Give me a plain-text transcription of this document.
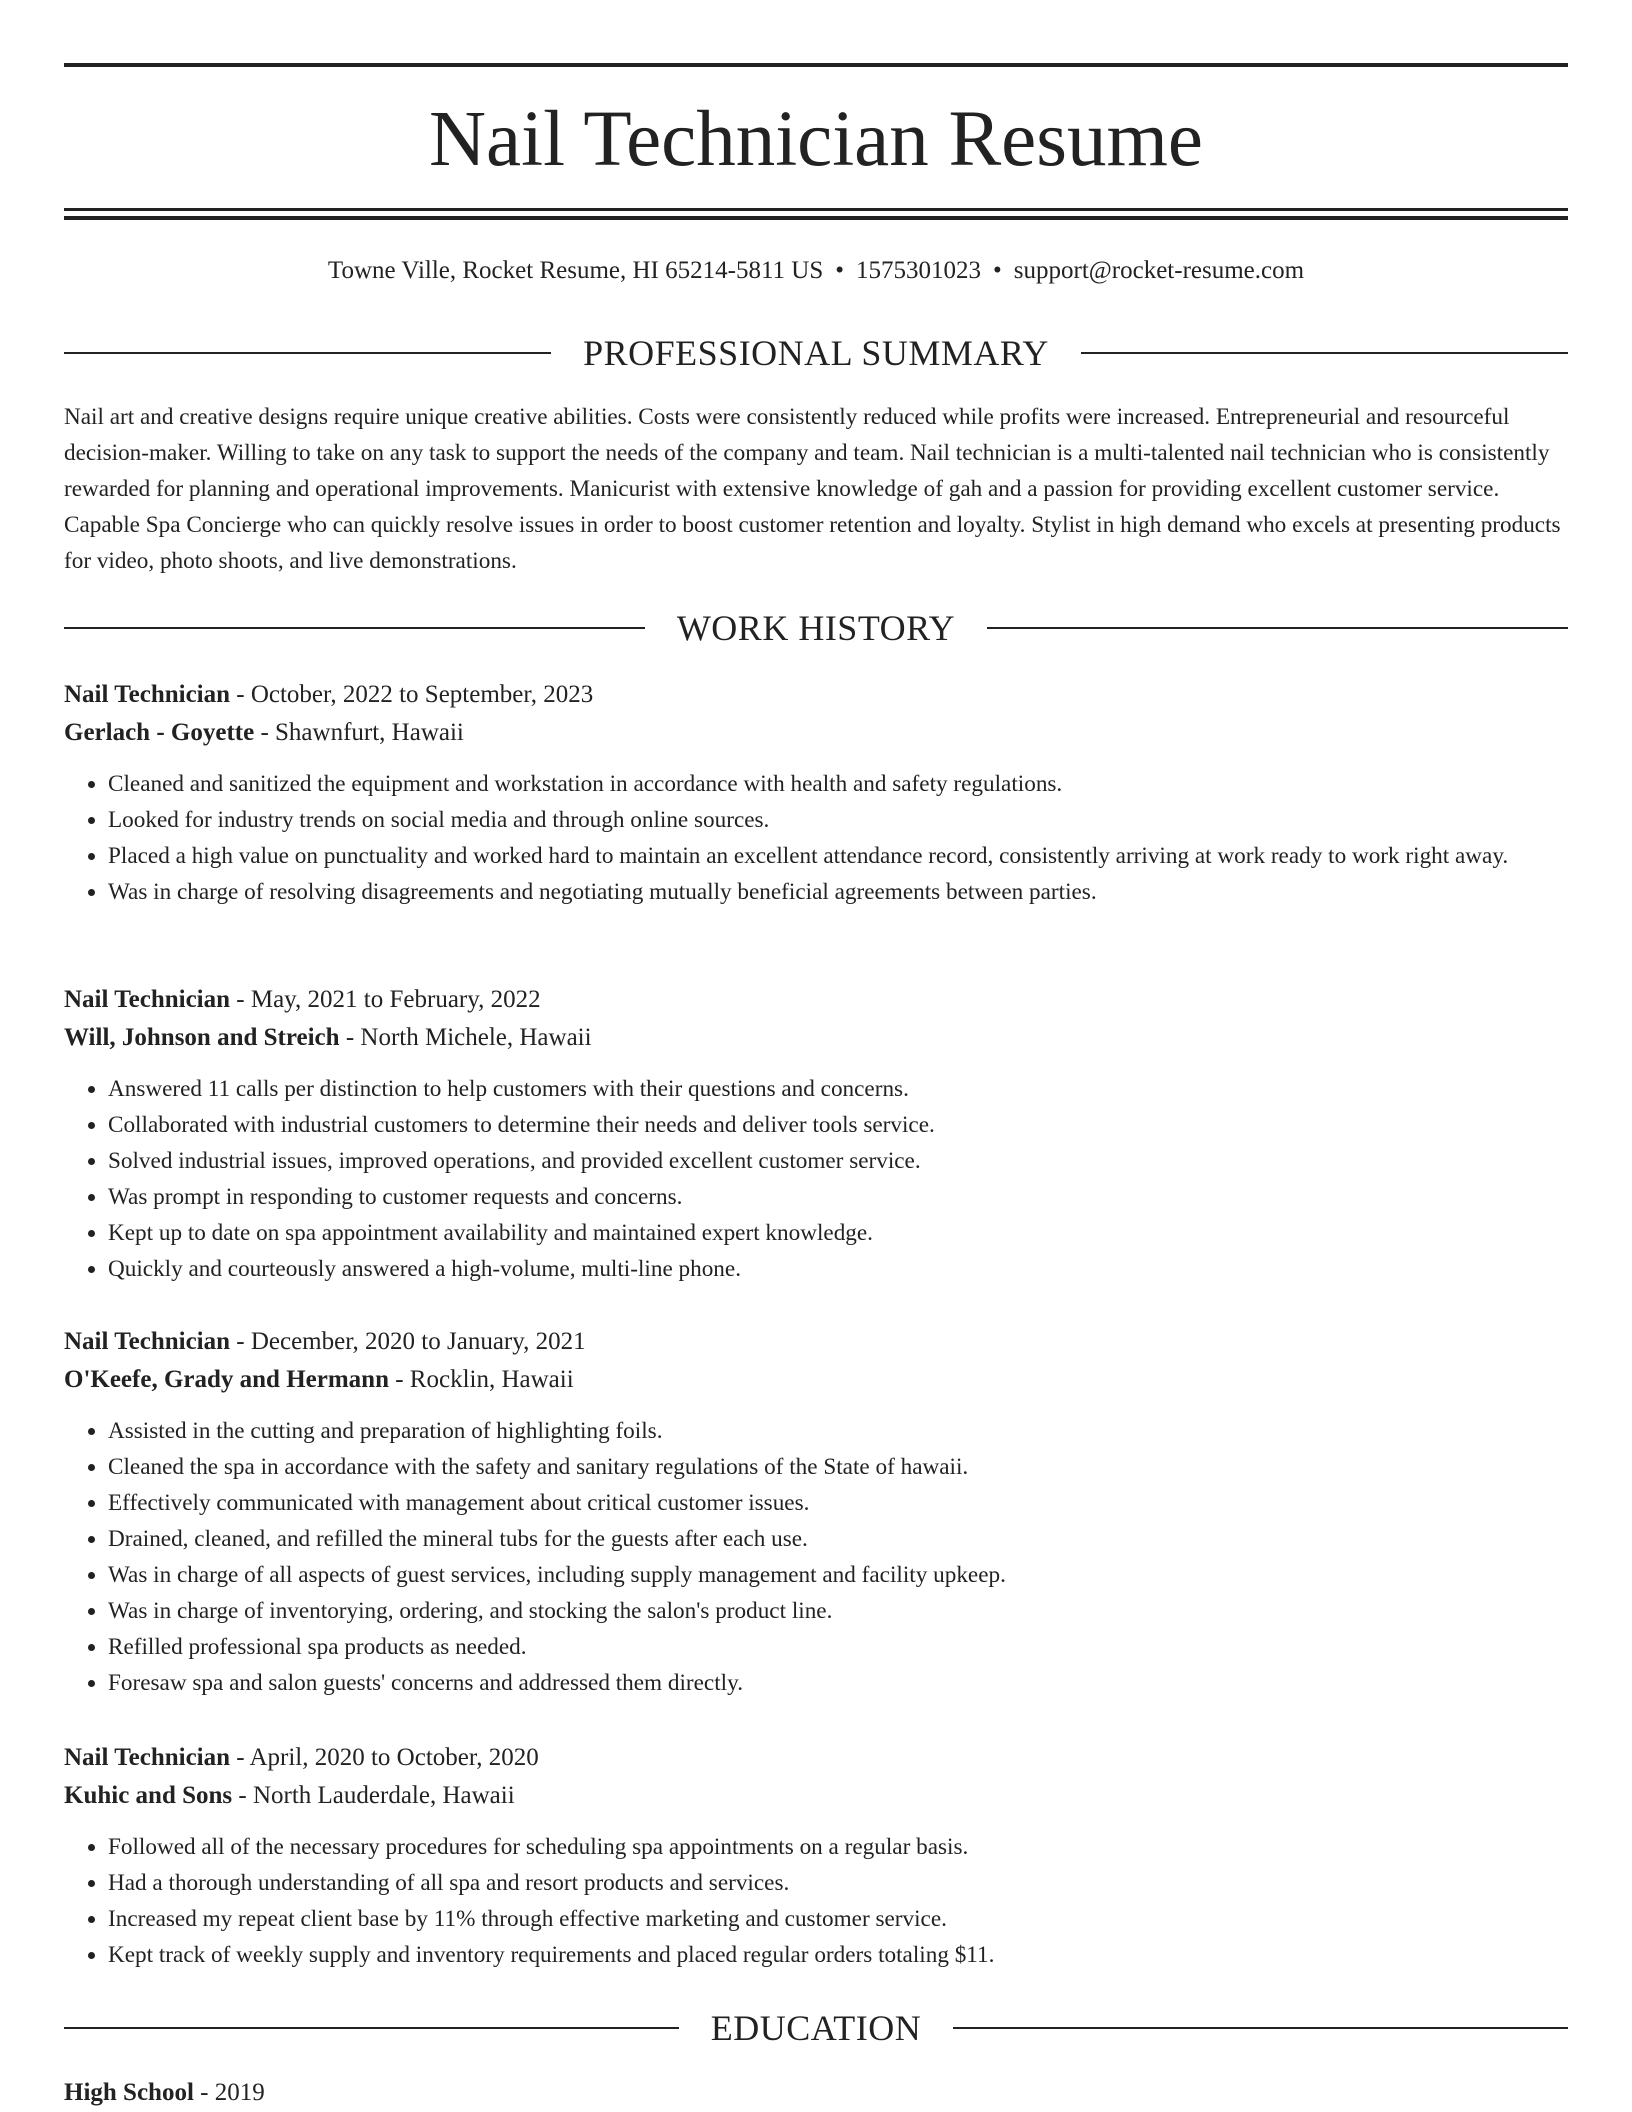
Nail Technician Resume
Towne Ville, Rocket Resume, HI 65214-5811 US • 1575301023 • support@rocket-resume.com
PROFESSIONAL SUMMARY

Nail art and creative designs require unique creative abilities. Costs were consistently reduced while profits were increased. Entrepreneurial and resourceful decision-maker. Willing to take on any task to support the needs of the company and team. Nail technician is a multi-talented nail technician who is consistently rewarded for planning and operational improvements. Manicurist with extensive knowledge of gah and a passion for providing excellent customer service. Capable Spa Concierge who can quickly resolve issues in order to boost customer retention and loyalty. Stylist in high demand who excels at presenting products for video, photo shoots, and live demonstrations.

WORK HISTORY
Nail Technician - October, 2022 to September, 2023
Gerlach - Goyette - Shawnfurt, Hawaii
• Cleaned and sanitized the equipment and workstation in accordance with health and safety regulations.
• Looked for industry trends on social media and through online sources.
• Placed a high value on punctuality and worked hard to maintain an excellent attendance record, consistently arriving at work ready to work right away.
• Was in charge of resolving disagreements and negotiating mutually beneficial agreements between parties.
Nail Technician - May, 2021 to February, 2022
Will, Johnson and Streich - North Michele, Hawaii
• Answered 11 calls per distinction to help customers with their questions and concerns.
• Collaborated with industrial customers to determine their needs and deliver tools service.
• Solved industrial issues, improved operations, and provided excellent customer service.
• Was prompt in responding to customer requests and concerns.
• Kept up to date on spa appointment availability and maintained expert knowledge.
• Quickly and courteously answered a high-volume, multi-line phone.
Nail Technician - December, 2020 to January, 2021
O'Keefe, Grady and Hermann - Rocklin, Hawaii
• Assisted in the cutting and preparation of highlighting foils.
• Cleaned the spa in accordance with the safety and sanitary regulations of the State of hawaii.
• Effectively communicated with management about critical customer issues.
• Drained, cleaned, and refilled the mineral tubs for the guests after each use.
• Was in charge of all aspects of guest services, including supply management and facility upkeep.
• Was in charge of inventorying, ordering, and stocking the salon's product line.
• Refilled professional spa products as needed.
• Foresaw spa and salon guests' concerns and addressed them directly.
Nail Technician - April, 2020 to October, 2020
Kuhic and Sons - North Lauderdale, Hawaii
• Followed all of the necessary procedures for scheduling spa appointments on a regular basis.
• Had a thorough understanding of all spa and resort products and services.
• Increased my repeat client base by 11% through effective marketing and customer service.
• Kept track of weekly supply and inventory requirements and placed regular orders totaling $11.
EDUCATION
High School - 2019
